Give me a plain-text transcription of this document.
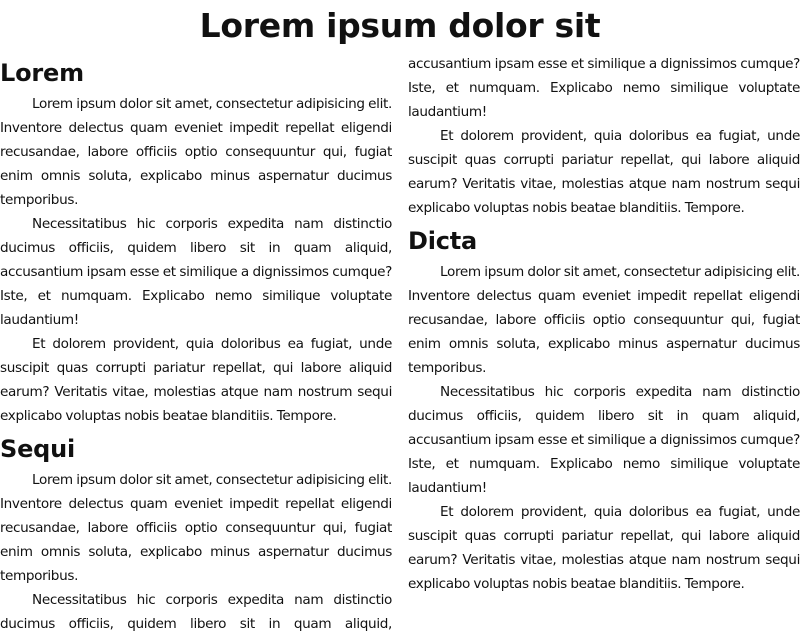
Lorem ipsum dolor sit
Lorem

Lorem ipsum dolor sit amet, consectetur adipisicing elit. Inventore delectus quam eveniet impedit repellat eligendi recusandae, labore officiis optio consequuntur qui, fugiat enim omnis soluta, explicabo minus aspernatur ducimus temporibus.

Necessitatibus hic corporis expedita nam distinctio ducimus officiis, quidem libero sit in quam aliquid, accusantium ipsam esse et similique a dignissimos cumque? Iste, et numquam. Explicabo nemo similique voluptate laudantium!

Et dolorem provident, quia doloribus ea fugiat, unde suscipit quas corrupti pariatur repellat, qui labore aliquid earum? Veritatis vitae, molestias atque nam nostrum sequi explicabo voluptas nobis beatae blanditiis. Tempore.

Sequi

Lorem ipsum dolor sit amet, consectetur adipisicing elit. Inventore delectus quam eveniet impedit repellat eligendi recusandae, labore officiis optio consequuntur qui, fugiat enim omnis soluta, explicabo minus aspernatur ducimus temporibus.

Necessitatibus hic corporis expedita nam distinctio ducimus officiis, quidem libero sit in quam aliquid, accusantium ipsam esse et similique a dignissimos cumque? Iste, et numquam. Explicabo nemo similique voluptate laudantium!

Et dolorem provident, quia doloribus ea fugiat, unde suscipit quas corrupti pariatur repellat, qui labore aliquid earum? Veritatis vitae, molestias atque nam nostrum sequi explicabo voluptas nobis beatae blanditiis. Tempore.

Dicta

Lorem ipsum dolor sit amet, consectetur adipisicing elit. Inventore delectus quam eveniet impedit repellat eligendi recusandae, labore officiis optio consequuntur qui, fugiat enim omnis soluta, explicabo minus aspernatur ducimus temporibus.

Necessitatibus hic corporis expedita nam distinctio ducimus officiis, quidem libero sit in quam aliquid, accusantium ipsam esse et similique a dignissimos cumque? Iste, et numquam. Explicabo nemo similique voluptate laudantium!

Et dolorem provident, quia doloribus ea fugiat, unde suscipit quas corrupti pariatur repellat, qui labore aliquid earum? Veritatis vitae, molestias atque nam nostrum sequi explicabo voluptas nobis beatae blanditiis. Tempore.
